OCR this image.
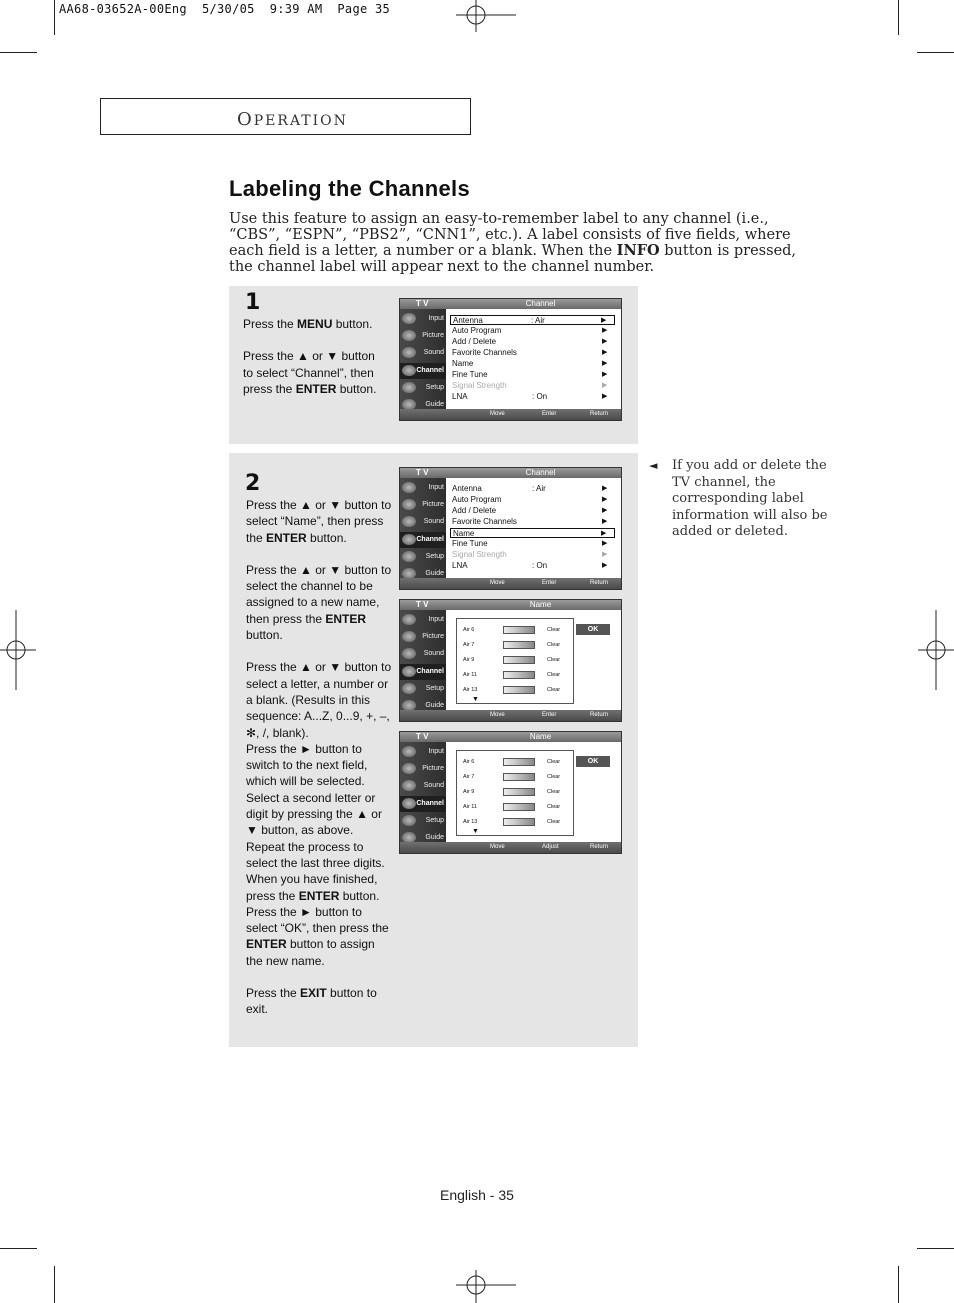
AA68-03652A-00Eng  5/30/05  9:39 AM  Page 35
OPERATION
Labeling the Channels

Use this feature to assign an easy-to-remember label to any channel (i.e., “CBS”, “ESPN”, “PBS2”, “CNN1”, etc.). A label consists of five fields, where each field is a letter, a number or a blank. When the INFO button is pressed, the channel label will appear next to the channel number.

1

Press the MENU button.

Press the ▲ or ▼ button to select “Channel”, then press the ENTER button.

2

Press the ▲ or ▼ button to select “Name”, then press the ENTER button.

Press the ▲ or ▼ button to select the channel to be assigned to a new name, then press the ENTER button.

Press the ▲ or ▼ button to select a letter, a number or a blank. (Results in this sequence: A...Z, 0...9, +, –, ✻, /, blank).

Press the ► button to switch to the next field, which will be selected. Select a second letter or digit by pressing the ▲ or ▼ button, as above.

Repeat the process to select the last three digits. When you have finished, press the ENTER button.

Press the ► button to select “OK”, then press the ENTER button to assign the new name.

Press the EXIT button to exit.

◄ If you add or delete the TV channel, the corresponding label information will also be added or deleted.
T V	Channel
Input
Picture
Sound
Channel
Setup
Guide
Antenna	: Air	▶
Auto Program	▶
Add / Delete	▶
Favorite Channels	▶
Name	▶
Fine Tune	▶
Signal Strength	▶
LNA	: On	▶
Move	Enter	Return
T V	Channel
Input
Picture
Sound
Channel
Setup
Guide
Antenna	: Air	▶
Auto Program	▶
Add / Delete	▶
Favorite Channels	▶
Name	▶
Fine Tune	▶
Signal Strength	▶
LNA	: On	▶
Move	Enter	Return
T V	Name
Input
Picture
Sound
Channel
Setup
Guide
Air 6	Clear
Air 7	Clear
Air 9	Clear
Air 11	Clear
Air 13	Clear
OK
▼
Move	Enter	Return
T V	Name
Input
Picture
Sound
Channel
Setup
Guide
Air 6	Clear
Air 7	Clear
Air 9	Clear
Air 11	Clear
Air 13	Clear
OK
▼
Move	Adjust	Return
English - 35
